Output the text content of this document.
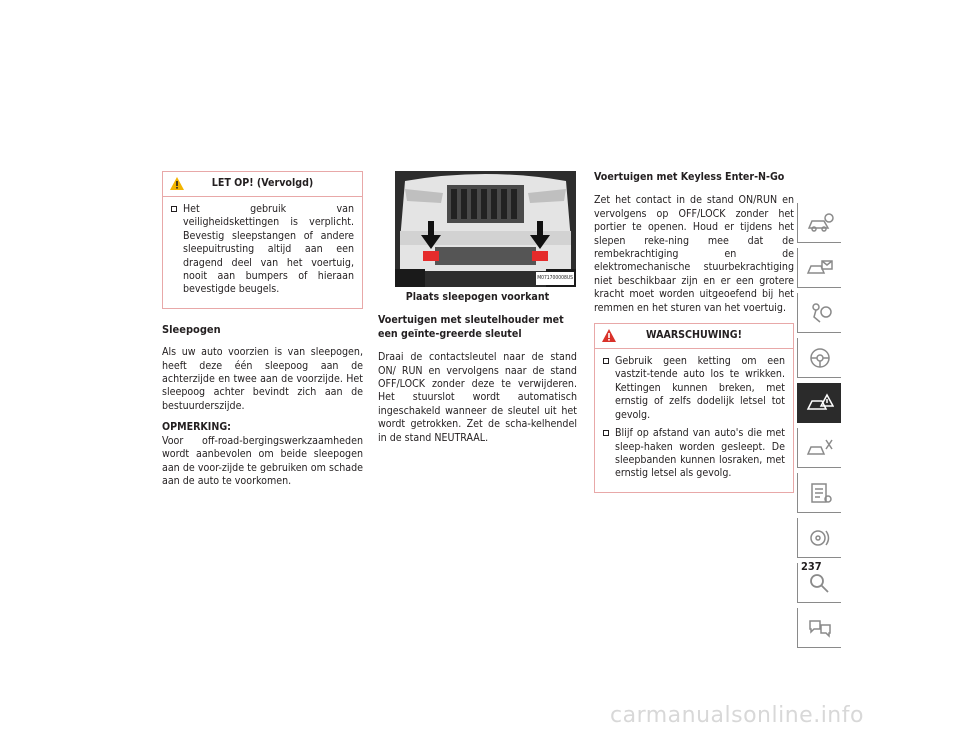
LET OP! (Vervolgd)
Het gebruik van veiligheidskettingen is verplicht. Bevestig sleepstangen of andere sleepuitrusting altijd aan een dragend deel van het voertuig, nooit aan bumpers of hieraan bevestigde beugels.
Sleepogen

Als uw auto voorzien is van sleepogen, heeft deze één sleepoog aan de achterzijde en twee aan de voorzijde. Het sleepoog achter bevindt zich aan de bestuurderszijde.

OPMERKING:
Voor off-road-bergingswerkzaamheden wordt aanbevolen om beide sleepogen aan de voor-zijde te gebruiken om schade aan de auto te voorkomen.

M071700008US
Plaats sleepogen voorkant
Voertuigen met sleutelhouder met een geïnte-greerde sleutel

Draai de contactsleutel naar de stand ON/ RUN en vervolgens naar de stand OFF/LOCK zonder deze te verwijderen. Het stuurslot wordt automatisch ingeschakeld wanneer de sleutel uit het wordt getrokken. Zet de scha-kelhendel in de stand NEUTRAAL.

Voertuigen met Keyless Enter-N-Go

Zet het contact in de stand ON/RUN en vervolgens op OFF/LOCK zonder het portier te openen. Houd er tijdens het slepen reke-ning mee dat de rembekrachtiging en de elektromechanische stuurbekrachtiging niet beschikbaar zijn en er een grotere kracht moet worden uitgeoefend bij het remmen en het sturen van het voertuig.

WAARSCHUWING!
Gebruik geen ketting om een vastzit-tende auto los te wrikken. Kettingen kunnen breken, met ernstig of zelfs dodelijk letsel tot gevolg.
Blijf op afstand van auto's die met sleep-haken worden gesleept. De sleepbanden kunnen losraken, met ernstig letsel als gevolg.
237
carmanualsonline.info
